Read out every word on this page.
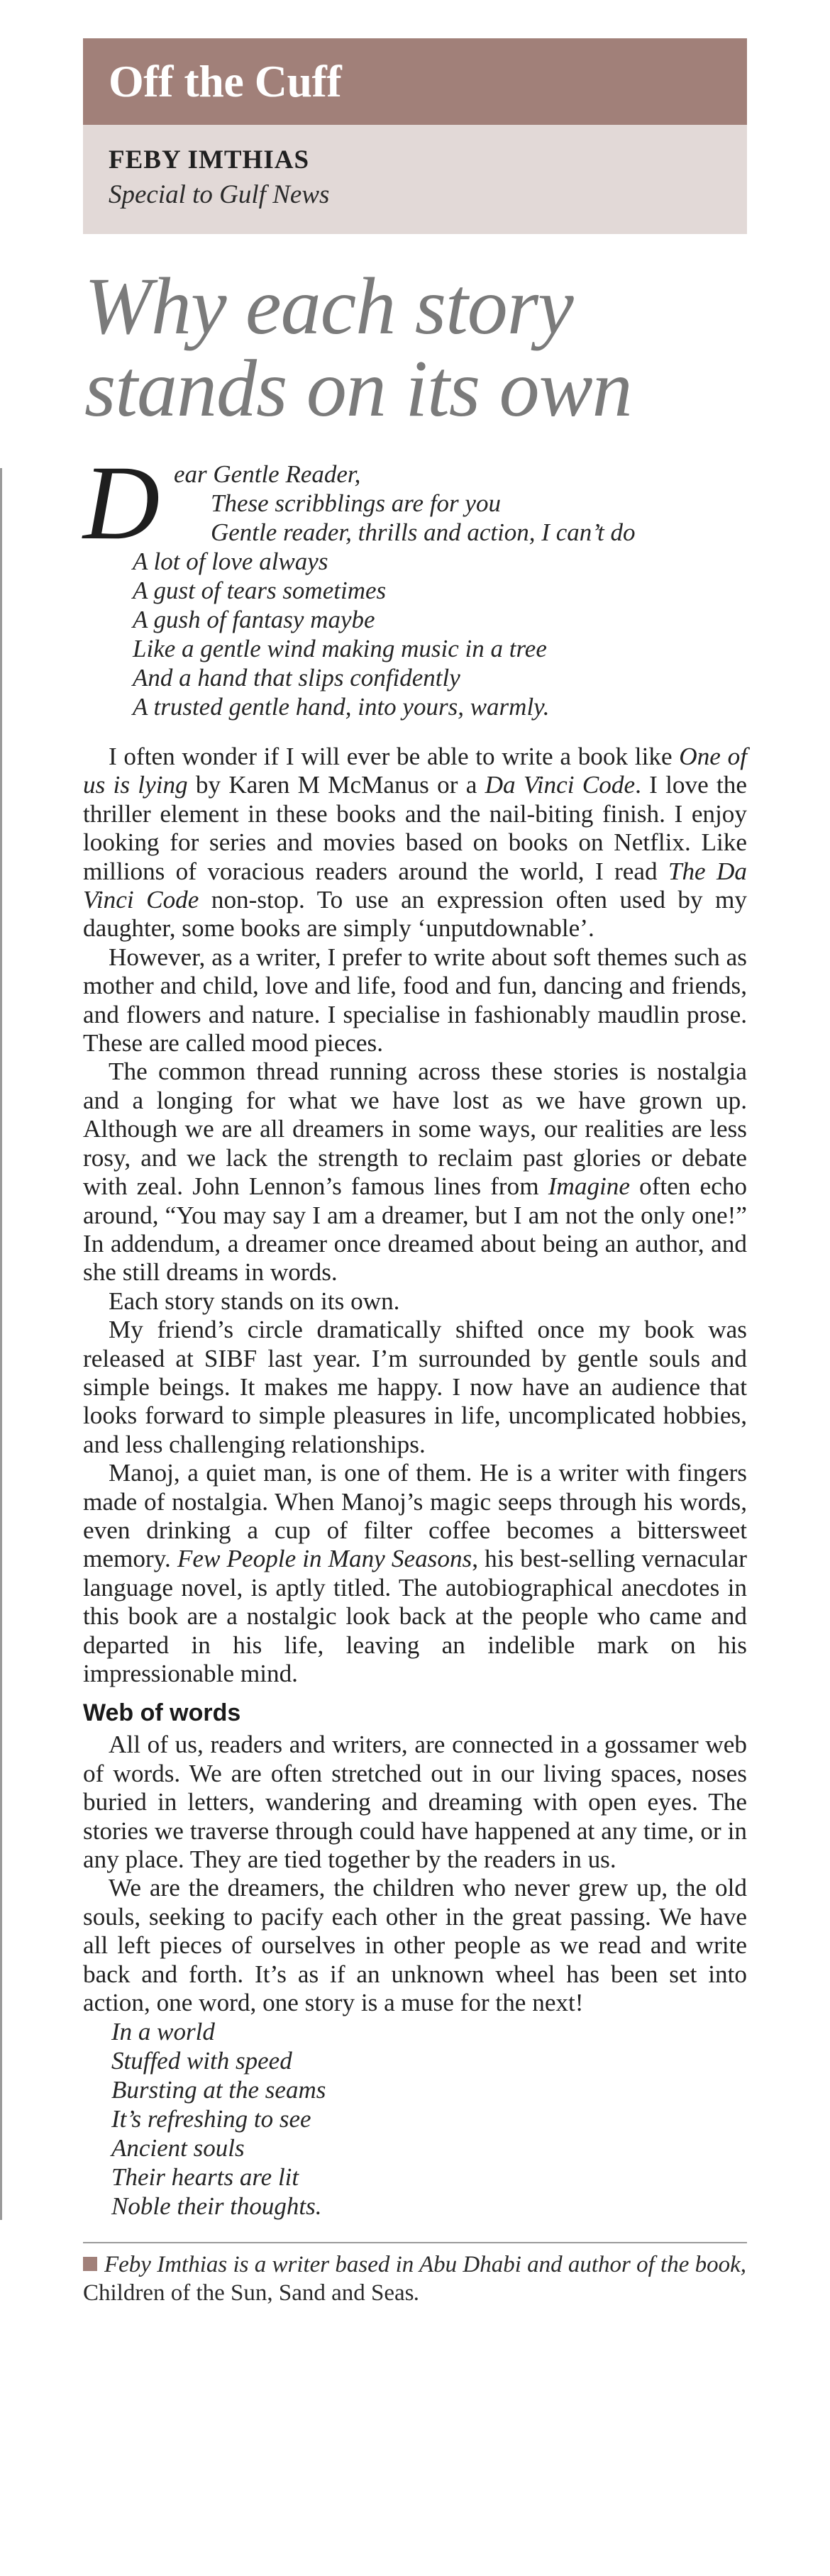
Off the Cuff
FEBY IMTHIAS
Special to Gulf News
Why each story
stands on its own
D ear Gentle Reader,
These scribblings are for you
Gentle reader, thrills and action, I can’t do
A lot of love always
A gust of tears sometimes
A gush of fantasy maybe
Like a gentle wind making music in a tree
And a hand that slips confidently
A trusted gentle hand, into yours, warmly.

I often wonder if I will ever be able to write a book like One of us is lying by Karen M McManus or a Da Vinci Code. I love the thriller element in these books and the nail-biting finish. I enjoy looking for series and movies based on books on Netflix. Like millions of voracious readers around the world, I read The Da Vinci Code non-stop. To use an expression often used by my daughter, some books are simply ‘unputdownable’.

However, as a writer, I prefer to write about soft themes such as mother and child, love and life, food and fun, dancing and friends, and flowers and nature. I specialise in fashionably maudlin prose. These are called mood pieces.

The common thread running across these stories is nostalgia and a longing for what we have lost as we have grown up. Although we are all dreamers in some ways, our realities are less rosy, and we lack the strength to reclaim past glories or debate with zeal. John Lennon’s famous lines from Imagine often echo around, “You may say I am a dreamer, but I am not the only one!” In addendum, a dreamer once dreamed about being an author, and she still dreams in words.

Each story stands on its own.

My friend’s circle dramatically shifted once my book was released at SIBF last year. I’m surrounded by gentle souls and simple beings. It makes me happy. I now have an audience that looks forward to simple pleasures in life, uncomplicated hobbies, and less challenging relationships.

Manoj, a quiet man, is one of them. He is a writer with fingers made of nostalgia. When Manoj’s magic seeps through his words, even drinking a cup of filter coffee becomes a bittersweet memory. Few People in Many Seasons, his best-selling vernacular language novel, is aptly titled. The autobiographical anecdotes in this book are a nostalgic look back at the people who came and departed in his life, leaving an indelible mark on his impressionable mind.

Web of words

All of us, readers and writers, are connected in a gossamer web of words. We are often stretched out in our living spaces, noses buried in letters, wandering and dreaming with open eyes. The stories we traverse through could have happened at any time, or in any place. They are tied together by the readers in us.

We are the dreamers, the children who never grew up, the old souls, seeking to pacify each other in the great passing. We have all left pieces of ourselves in other people as we read and write back and forth. It’s as if an unknown wheel has been set into action, one word, one story is a muse for the next!

In a world
Stuffed with speed
Bursting at the seams
It’s refreshing to see
Ancient souls
Their hearts are lit
Noble their thoughts.
Feby Imthias is a writer based in Abu Dhabi and author of the book, Children of the Sun, Sand and Seas.
